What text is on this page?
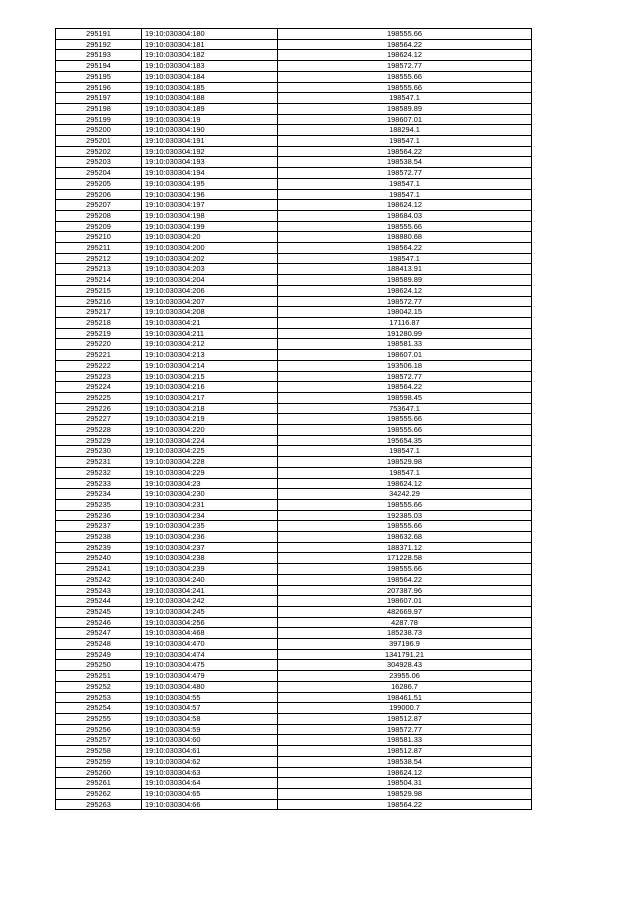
295191	19:10:030304:180	198555.66
295192	19:10:030304:181	198564.22
295193	19:10:030304:182	198624.12
295194	19:10:030304:183	198572.77
295195	19:10:030304:184	198555.66
295196	19:10:030304:185	198555.66
295197	19:10:030304:188	198547.1
295198	19:10:030304:189	198589.89
295199	19:10:030304:19	198607.01
295200	19:10:030304:190	188294.1
295201	19:10:030304:191	198547.1
295202	19:10:030304:192	198564.22
295203	19:10:030304:193	198538.54
295204	19:10:030304:194	198572.77
295205	19:10:030304:195	198547.1
295206	19:10:030304:196	198547.1
295207	19:10:030304:197	198624.12
295208	19:10:030304:198	198684.03
295209	19:10:030304:199	198555.66
295210	19:10:030304:20	198880.68
295211	19:10:030304:200	198564.22
295212	19:10:030304:202	198547.1
295213	19:10:030304:203	188413.91
295214	19:10:030304:204	198589.89
295215	19:10:030304:206	198624.12
295216	19:10:030304:207	198572.77
295217	19:10:030304:208	198042.15
295218	19:10:030304:21	17116.87
295219	19:10:030304:211	191280.99
295220	19:10:030304:212	198581.33
295221	19:10:030304:213	198607.01
295222	19:10:030304:214	193506.18
295223	19:10:030304:215	198572.77
295224	19:10:030304:216	198564.22
295225	19:10:030304:217	198598.45
295226	19:10:030304:218	753647.1
295227	19:10:030304:219	198555.66
295228	19:10:030304:220	198555.66
295229	19:10:030304:224	195654.35
295230	19:10:030304:225	198547.1
295231	19:10:030304:228	198529.98
295232	19:10:030304:229	198547.1
295233	19:10:030304:23	198624.12
295234	19:10:030304:230	34242.29
295235	19:10:030304:231	198555.66
295236	19:10:030304:234	192385.03
295237	19:10:030304:235	198555.66
295238	19:10:030304:236	198632.68
295239	19:10:030304:237	188371.12
295240	19:10:030304:238	171228.58
295241	19:10:030304:239	198555.66
295242	19:10:030304:240	198564.22
295243	19:10:030304:241	207387.96
295244	19:10:030304:242	198607.01
295245	19:10:030304:245	482669.97
295246	19:10:030304:256	4287.78
295247	19:10:030304:468	185238.73
295248	19:10:030304:470	397196.9
295249	19:10:030304:474	1341791.21
295250	19:10:030304:475	304928.43
295251	19:10:030304:479	23955.06
295252	19:10:030304:480	16286.7
295253	19:10:030304:55	198461.51
295254	19:10:030304:57	199000.7
295255	19:10:030304:58	198512.87
295256	19:10:030304:59	198572.77
295257	19:10:030304:60	198581.33
295258	19:10:030304:61	198512.87
295259	19:10:030304:62	198538.54
295260	19:10:030304:63	198624.12
295261	19:10:030304:64	198504.31
295262	19:10:030304:65	198529.98
295263	19:10:030304:66	198564.22
